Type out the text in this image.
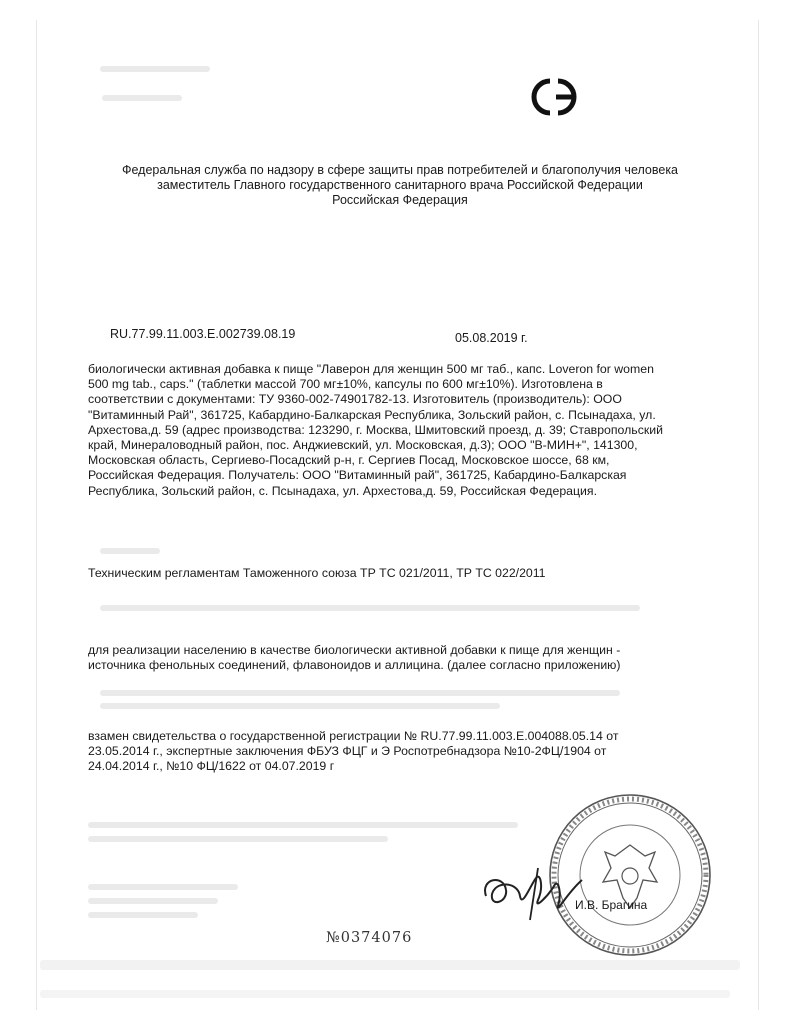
Федеральная служба по надзору в сфере защиты прав потребителей и благополучия человека
заместитель Главного государственного санитарного врача Российской Федерации
Российская Федерация
RU.77.99.11.003.E.002739.08.19	05.08.2019 г.
биологически активная добавка к пище "Лаверон для женщин 500 мг таб., капс. Loveron for women 500 mg tab., caps." (таблетки массой 700 мг±10%, капсулы по 600 мг±10%). Изготовлена в соответствии с документами: ТУ 9360-002-74901782-13. Изготовитель (производитель): ООО "Витаминный Рай", 361725, Кабардино-Балкарская Республика, Зольский район, с. Псынадаха, ул. Архестова,д. 59 (адрес производства: 123290, г. Москва, Шмитовский проезд, д. 39; Ставропольский край, Минераловодный район, пос. Анджиевский, ул. Московская, д.3); ООО "В-МИН+", 141300, Московская область, Сергиево-Посадский р-н, г. Сергиев Посад, Московское шоссе, 68 км, Российская Федерация. Получатель: ООО "Витаминный рай", 361725, Кабардино-Балкарская Республика, Зольский район, с. Псынадаха, ул. Архестова,д. 59, Российская Федерация.
Техническим регламентам Таможенного союза ТР ТС 021/2011, ТР ТС 022/2011
для реализации населению в качестве биологически активной добавки к пище для женщин - источника фенольных соединений, флавоноидов и аллицина. (далее согласно приложению)
взамен свидетельства о государственной регистрации № RU.77.99.11.003.E.004088.05.14 от 23.05.2014 г., экспертные заключения ФБУЗ ФЦГ и Э Роспотребнадзора №10-2ФЦ/1904 от 24.04.2014 г., №10 ФЦ/1622 от 04.07.2019 г
И.В. Брагина
№0374076
